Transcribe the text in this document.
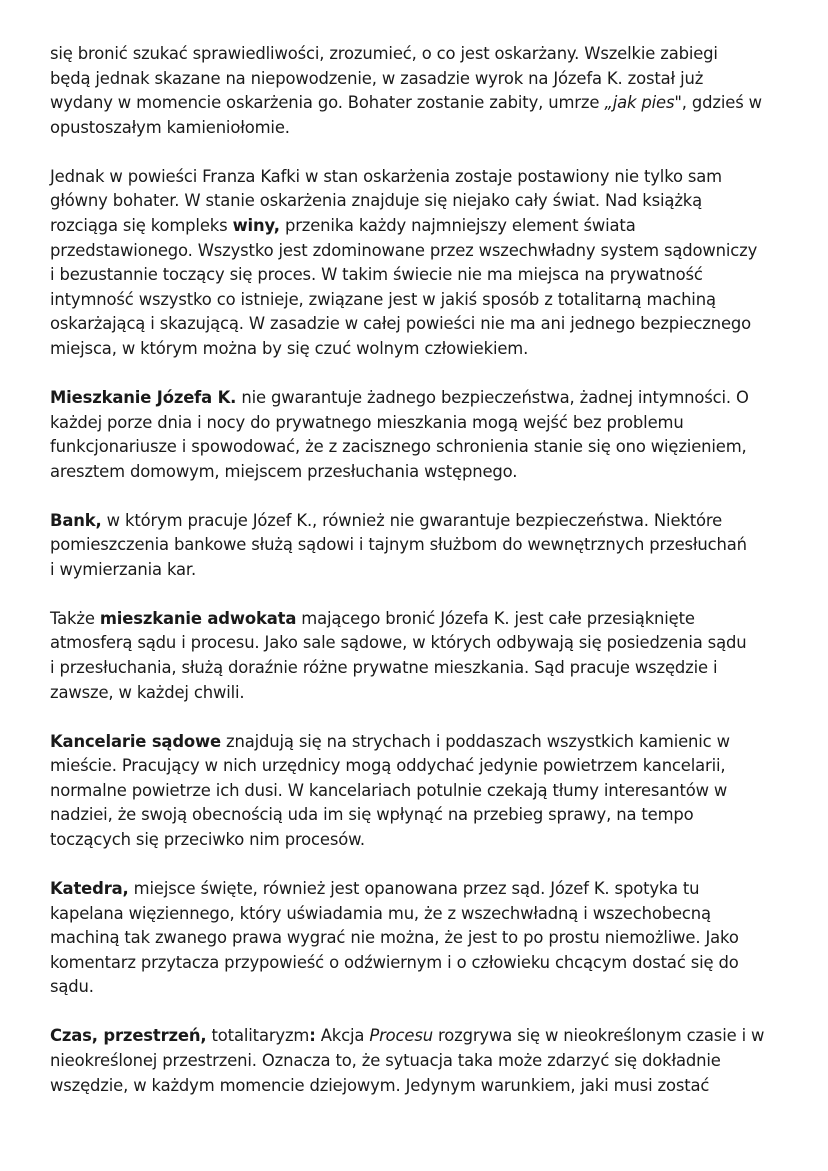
się bronić szukać sprawiedliwości, zrozumieć, o co jest oskarżany. Wszelkie zabiegi
będą jednak skazane na niepowodzenie, w zasadzie wyrok na Józefa K. został już
wydany w momencie oskarżenia go. Bohater zostanie zabity, umrze „jak pies", gdzieś w
opustoszałym kamieniołomie.

Jednak w powieści Franza Kafki w stan oskarżenia zostaje postawiony nie tylko sam
główny bohater. W stanie oskarżenia znajduje się niejako cały świat. Nad książką
rozciąga się kompleks winy, przenika każdy najmniejszy element świata
przedstawionego. Wszystko jest zdominowane przez wszechwładny system sądowniczy
i bezustannie toczący się proces. W takim świecie nie ma miejsca na prywatność
intymność wszystko co istnieje, związane jest w jakiś sposób z totalitarną machiną
oskarżającą i skazującą. W zasadzie w całej powieści nie ma ani jednego bezpiecznego
miejsca, w którym można by się czuć wolnym człowiekiem.

Mieszkanie Józefa K. nie gwarantuje żadnego bezpieczeństwa, żadnej intymności. O
każdej porze dnia i nocy do prywatnego mieszkania mogą wejść bez problemu
funkcjonariusze i spowodować, że z zacisznego schronienia stanie się ono więzieniem,
aresztem domowym, miejscem przesłuchania wstępnego.

Bank, w którym pracuje Józef K., również nie gwarantuje bezpieczeństwa. Niektóre
pomieszczenia bankowe służą sądowi i tajnym służbom do wewnętrznych przesłuchań
i wymierzania kar.

Także mieszkanie adwokata mającego bronić Józefa K. jest całe przesiąknięte
atmosferą sądu i procesu. Jako sale sądowe, w których odbywają się posiedzenia sądu
i przesłuchania, służą doraźnie różne prywatne mieszkania. Sąd pracuje wszędzie i
zawsze, w każdej chwili.

Kancelarie sądowe znajdują się na strychach i poddaszach wszystkich kamienic w
mieście. Pracujący w nich urzędnicy mogą oddychać jedynie powietrzem kancelarii,
normalne powietrze ich dusi. W kancelariach potulnie czekają tłumy interesantów w
nadziei, że swoją obecnością uda im się wpłynąć na przebieg sprawy, na tempo
toczących się przeciwko nim procesów.

Katedra, miejsce święte, również jest opanowana przez sąd. Józef K. spotyka tu
kapelana więziennego, który uświadamia mu, że z wszechwładną i wszechobecną
machiną tak zwanego prawa wygrać nie można, że jest to po prostu niemożliwe. Jako
komentarz przytacza przypowieść o odźwiernym i o człowieku chcącym dostać się do
sądu.

Czas, przestrzeń, totalitaryzm: Akcja Procesu rozgrywa się w nieokreślonym czasie i w
nieokreślonej przestrzeni. Oznacza to, że sytuacja taka może zdarzyć się dokładnie
wszędzie, w każdym momencie dziejowym. Jedynym warunkiem, jaki musi zostać
